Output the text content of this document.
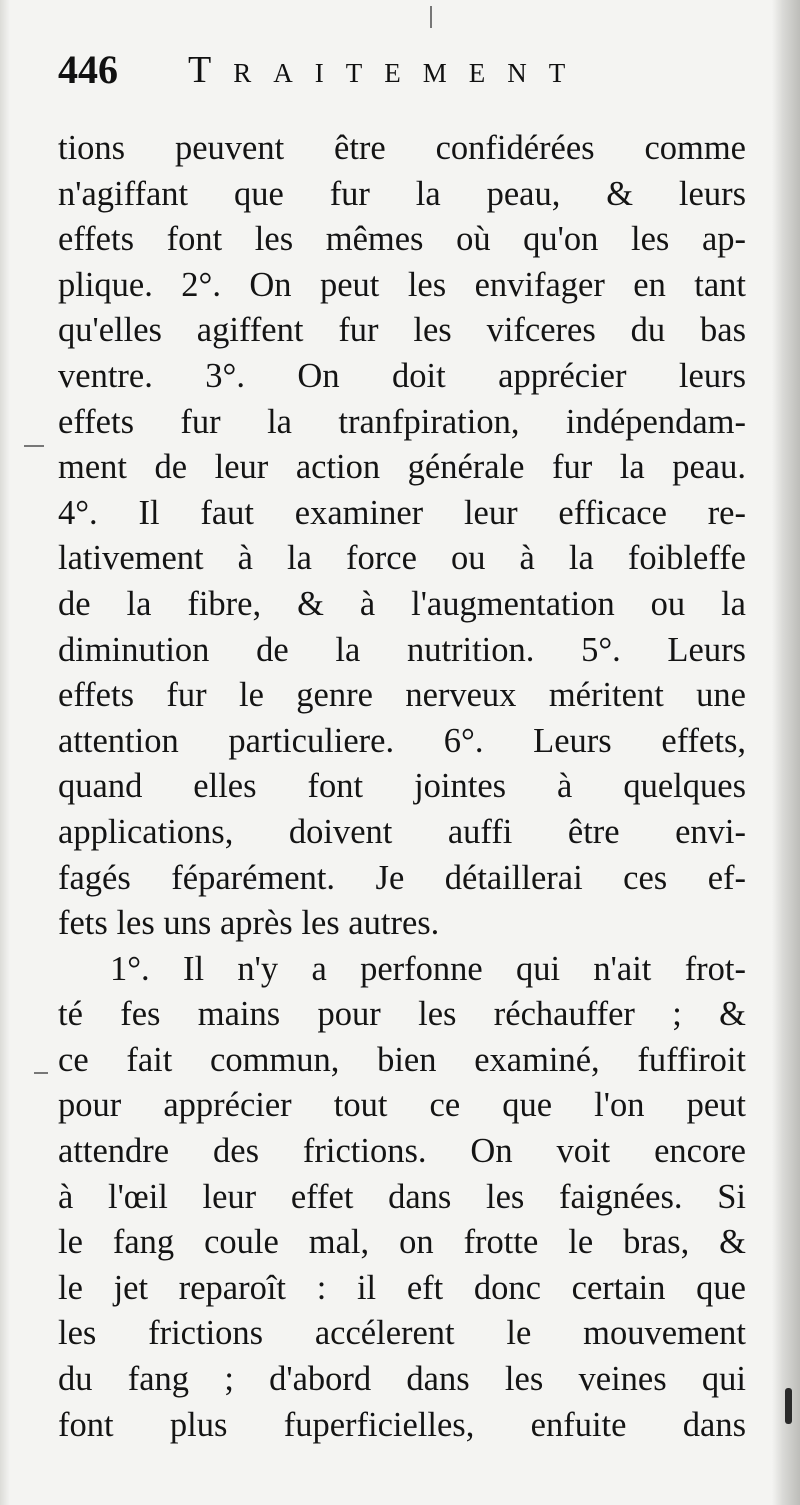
446 Traitement
tions peuvent être confidérées comme
n'agiffant que fur la peau, & leurs
effets font les mêmes où qu'on les ap-
plique. 2°. On peut les envifager en tant
qu'elles agiffent fur les vifceres du bas
ventre. 3°. On doit apprécier leurs
effets fur la tranfpiration, indépendam-
ment de leur action générale fur la peau.
4°. Il faut examiner leur efficace re-
lativement à la force ou à la foibleffe
de la fibre, & à l'augmentation ou la
diminution de la nutrition. 5°. Leurs
effets fur le genre nerveux méritent une
attention particuliere. 6°. Leurs effets,
quand elles font jointes à quelques
applications, doivent auffi être envi-
fagés féparément. Je détaillerai ces ef-
fets les uns après les autres.
1°. Il n'y a perfonne qui n'ait frot-
té fes mains pour les réchauffer ; &
ce fait commun, bien examiné, fuffiroit
pour apprécier tout ce que l'on peut
attendre des frictions. On voit encore
à l'œil leur effet dans les faignées. Si
le fang coule mal, on frotte le bras, &
le jet reparoît : il eft donc certain que
les frictions accélerent le mouvement
du fang ; d'abord dans les veines qui
font plus fuperficielles, enfuite dans
